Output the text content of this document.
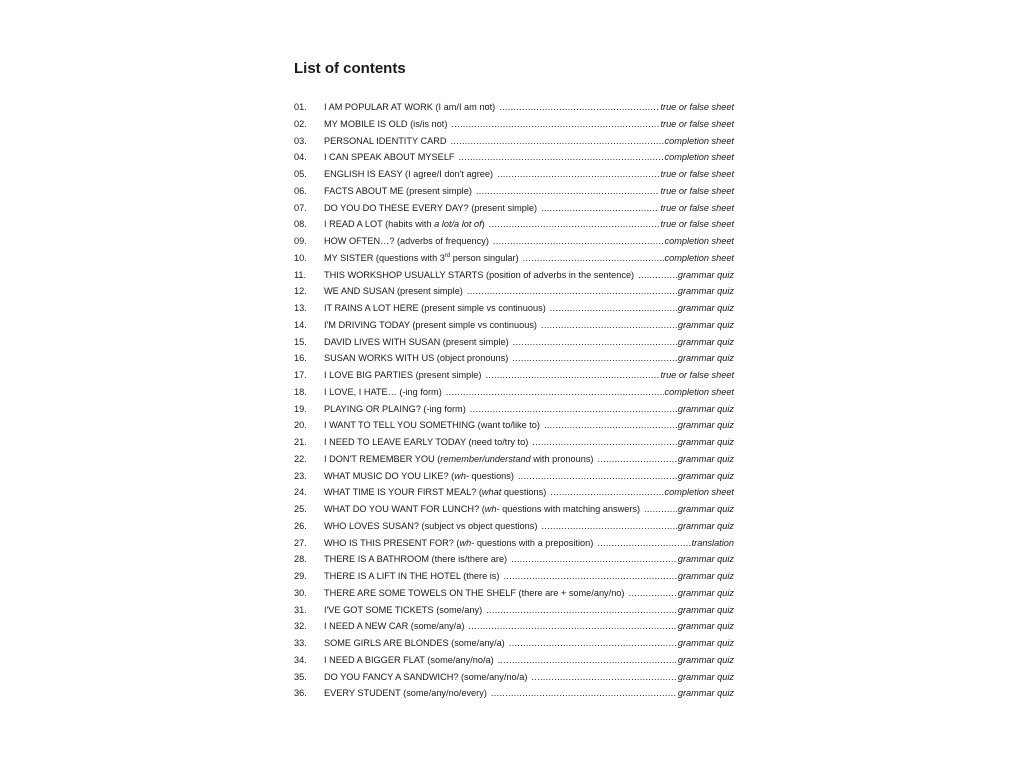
List of contents
01.	I AM POPULAR AT WORK (I am/I am not) .....	true or false sheet
02.	MY MOBILE IS OLD (is/is not) .....	true or false sheet
03.	PERSONAL IDENTITY CARD .....	completion sheet
04.	I CAN SPEAK ABOUT MYSELF .....	completion sheet
05.	ENGLISH IS EASY (I agree/I don't agree) .....	true or false sheet
06.	FACTS ABOUT ME (present simple) .....	true or false sheet
07.	DO YOU DO THESE EVERY DAY? (present simple) .....	true or false sheet
08.	I READ A LOT (habits with a lot/a lot of) .....	true or false sheet
09.	HOW OFTEN…? (adverbs of frequency) .....	completion sheet
10.	MY SISTER (questions with 3rd person singular) .....	completion sheet
11.	THIS WORKSHOP USUALLY STARTS (position of adverbs in the sentence) .....	grammar quiz
12.	WE AND SUSAN (present simple) .....	grammar quiz
13.	IT RAINS A LOT HERE (present simple vs continuous) .....	grammar quiz
14.	I'M DRIVING TODAY (present simple vs continuous) .....	grammar quiz
15.	DAVID LIVES WITH SUSAN (present simple) .....	grammar quiz
16.	SUSAN WORKS WITH US (object pronouns) .....	grammar quiz
17.	I LOVE BIG PARTIES (present simple) .....	true or false sheet
18.	I LOVE, I HATE… (-ing form) .....	completion sheet
19.	PLAYING OR PLAING? (-ing form) .....	grammar quiz
20.	I WANT TO TELL YOU SOMETHING (want to/like to) .....	grammar quiz
21.	I NEED TO LEAVE EARLY TODAY (need to/try to) .....	grammar quiz
22.	I DON'T REMEMBER YOU (remember/understand with pronouns) .....	grammar quiz
23.	WHAT MUSIC DO YOU LIKE? (wh- questions) .....	grammar quiz
24.	WHAT TIME IS YOUR FIRST MEAL? (what questions) .....	completion sheet
25.	WHAT DO YOU WANT FOR LUNCH? (wh- questions with matching answers) .....	grammar quiz
26.	WHO LOVES SUSAN? (subject vs object questions) .....	grammar quiz
27.	WHO IS THIS PRESENT FOR? (wh- questions with a preposition) .....	translation
28.	THERE IS A BATHROOM (there is/there are) .....	grammar quiz
29.	THERE IS A LIFT IN THE HOTEL (there is) .....	grammar quiz
30.	THERE ARE SOME TOWELS ON THE SHELF (there are + some/any/no) .....	grammar quiz
31.	I'VE GOT SOME TICKETS (some/any) .....	grammar quiz
32.	I NEED A NEW CAR (some/any/a) .....	grammar quiz
33.	SOME GIRLS ARE BLONDES (some/any/a) .....	grammar quiz
34.	I NEED A BIGGER FLAT (some/any/no/a) .....	grammar quiz
35.	DO YOU FANCY A SANDWICH? (some/any/no/a) .....	grammar quiz
36.	EVERY STUDENT (some/any/no/every) .....	grammar quiz
